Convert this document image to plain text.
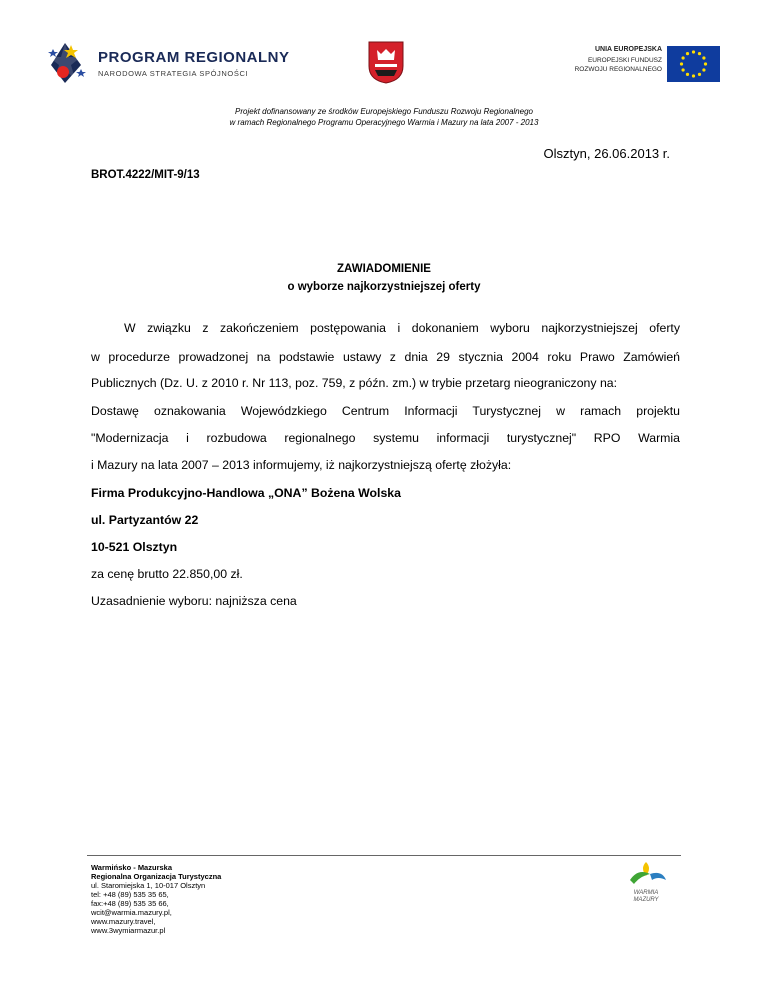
PROGRAM REGIONALNY
NARODOWA STRATEGIA SPÓJNOŚCI
UNIA EUROPEJSKA
EUROPEJSKI FUNDUSZ
ROZWOJU REGIONALNEGO
Projekt dofinansowany ze środków Europejskiego Funduszu Rozwoju Regionalnego
w ramach Regionalnego Programu Operacyjnego Warmia i Mazury na lata 2007 - 2013
Olsztyn, 26.06.2013 r.
BROT.4222/MIT-9/13
ZAWIADOMIENIE
o wyborze najkorzystniejszej oferty
W związku z zakończeniem postępowania i dokonaniem wyboru najkorzystniejszej oferty
w procedurze prowadzonej na podstawie ustawy z dnia 29 stycznia 2004 roku Prawo Zamówień
Publicznych (Dz. U. z 2010 r. Nr 113, poz. 759, z późn. zm.) w trybie przetarg nieograniczony na:
Dostawę oznakowania Wojewódzkiego Centrum Informacji Turystycznej w ramach projektu
"Modernizacja i rozbudowa regionalnego systemu informacji turystycznej" RPO Warmia
i Mazury na lata 2007 – 2013 informujemy, iż najkorzystniejszą ofertę złożyła:
Firma Produkcyjno-Handlowa „ONA” Bożena Wolska
ul. Partyzantów 22
10-521 Olsztyn
za cenę brutto 22.850,00 zł.
Uzasadnienie wyboru: najniższa cena
Warmińsko - Mazurska
Regionalna Organizacja Turystyczna
ul. Staromiejska 1, 10-017 Olsztyn
tel: +48 (89) 535 35 65,
fax:+48 (89) 535 35 66,
wcit@warmia.mazury.pl,
www.mazury.travel,
www.3wymiarmazur.pl
WARMIA
MAZURY
